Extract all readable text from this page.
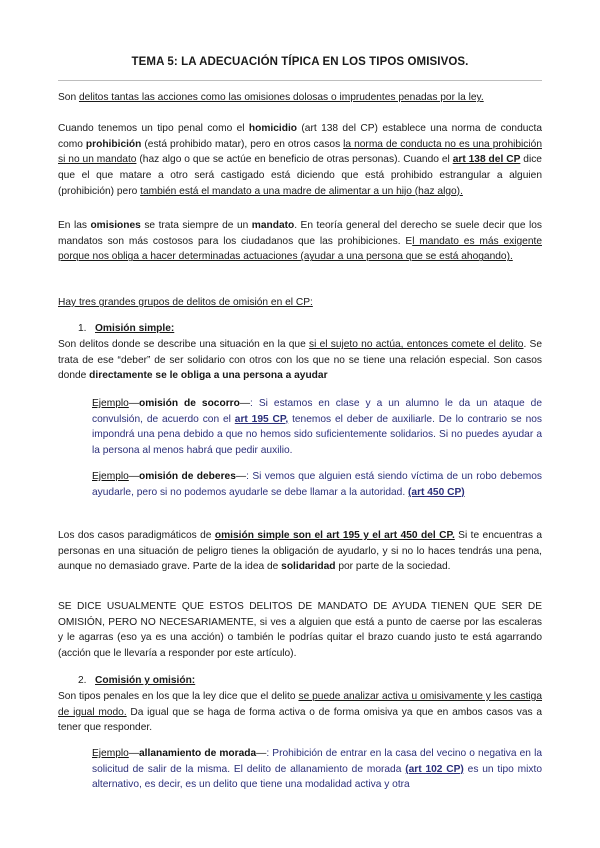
TEMA 5: LA ADECUACIÓN TÍPICA EN LOS TIPOS OMISIVOS.

Son delitos tantas las acciones como las omisiones dolosas o imprudentes penadas por la ley.

Cuando tenemos un tipo penal como el homicidio (art 138 del CP) establece una norma de conducta como prohibición (está prohibido matar), pero en otros casos la norma de conducta no es una prohibición si no un mandato (haz algo o que se actúe en beneficio de otras personas). Cuando el art 138 del CP dice que el que matare a otro será castigado está diciendo que está prohibido estrangular a alguien (prohibición) pero también está el mandato a una madre de alimentar a un hijo (haz algo).

En las omisiones se trata siempre de un mandato. En teoría general del derecho se suele decir que los mandatos son más costosos para los ciudadanos que las prohibiciones. El mandato es más exigente porque nos obliga a hacer determinadas actuaciones (ayudar a una persona que se está ahogando).

Hay tres grandes grupos de delitos de omisión en el CP:

1. Omisión simple:

Son delitos donde se describe una situación en la que si el sujeto no actúa, entonces comete el delito. Se trata de ese “deber” de ser solidario con otros con los que no se tiene una relación especial. Son casos donde directamente se le obliga a una persona a ayudar

Ejemplo—omisión de socorro—: Si estamos en clase y a un alumno le da un ataque de convulsión, de acuerdo con el art 195 CP, tenemos el deber de auxiliarle. De lo contrario se nos impondrá una pena debido a que no hemos sido suficientemente solidarios. Si no puedes ayudar a la persona al menos habrá que pedir auxilio.

Ejemplo—omisión de deberes—: Si vemos que alguien está siendo víctima de un robo debemos ayudarle, pero si no podemos ayudarle se debe llamar a la autoridad. (art 450 CP)

Los dos casos paradigmáticos de omisión simple son el art 195 y el art 450 del CP. Si te encuentras a personas en una situación de peligro tienes la obligación de ayudarlo, y si no lo haces tendrás una pena, aunque no demasiado grave. Parte de la idea de solidaridad por parte de la sociedad.

SE DICE USUALMENTE QUE ESTOS DELITOS DE MANDATO DE AYUDA TIENEN QUE SER DE OMISIÓN, PERO NO NECESARIAMENTE, si ves a alguien que está a punto de caerse por las escaleras y le agarras (eso ya es una acción) o también le podrías quitar el brazo cuando justo te está agarrando (acción que le llevaría a responder por este artículo).

2. Comisión y omisión:

Son tipos penales en los que la ley dice que el delito se puede analizar activa u omisivamente y les castiga de igual modo. Da igual que se haga de forma activa o de forma omisiva ya que en ambos casos vas a tener que responder.

Ejemplo—allanamiento de morada—: Prohibición de entrar en la casa del vecino o negativa en la solicitud de salir de la misma. El delito de allanamiento de morada (art 102 CP) es un tipo mixto alternativo, es decir, es un delito que tiene una modalidad activa y otra
